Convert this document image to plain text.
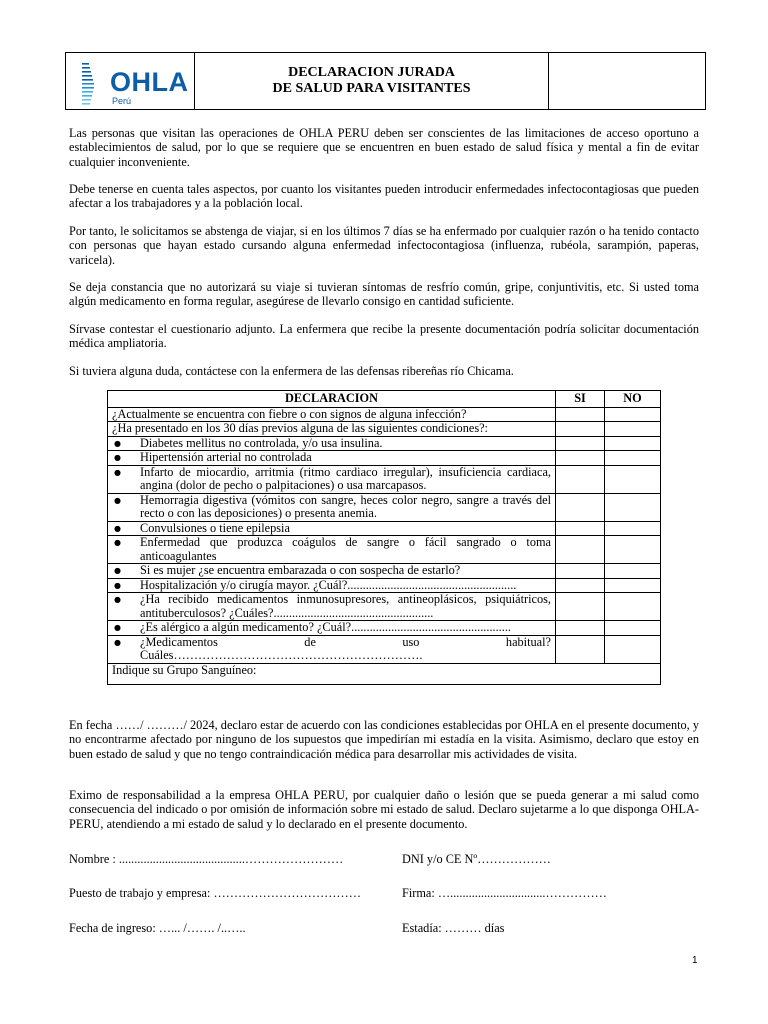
OHLA
Perú
DECLARACION JURADA
DE SALUD PARA VISITANTES

Las personas que visitan las operaciones de OHLA PERU deben ser conscientes de las limitaciones de acceso oportuno a establecimientos de salud, por lo que se requiere que se encuentren en buen estado de salud física y mental a fin de evitar cualquier inconveniente.

Debe tenerse en cuenta tales aspectos, por cuanto los visitantes pueden introducir enfermedades infectocontagiosas que pueden afectar a los trabajadores y a la población local.

Por tanto, le solicitamos se abstenga de viajar, si en los últimos 7 días se ha enfermado por cualquier razón o ha tenido contacto con personas que hayan estado cursando alguna enfermedad infectocontagiosa (influenza, rubéola, sarampión, paperas, varicela).

Se deja constancia que no autorizará su viaje si tuvieran síntomas de resfrío común, gripe, conjuntivitis, etc. Si usted toma algún medicamento en forma regular, asegúrese de llevarlo consigo en cantidad suficiente.

Sírvase contestar el cuestionario adjunto. La enfermera que recibe la presente documentación podría solicitar documentación médica ampliatoria.

Si tuviera alguna duda, contáctese con la enfermera de las defensas ribereñas río Chicama.

DECLARACION	SI	NO
¿Actualmente se encuentra con fiebre o con signos de alguna infección?		
¿Ha presentado en los 30 días previos alguna de las siguientes condiciones?:		

● Diabetes mellitus no controlada, y/o usa insulina.		

● Hipertensión arterial no controlada		

● Infarto de miocardio, arritmia (ritmo cardiaco irregular), insuficiencia cardiaca, angina (dolor de pecho o palpitaciones) o usa marcapasos.		

● Hemorragia digestiva (vómitos con sangre, heces color negro, sangre a través del recto o con las deposiciones) o presenta anemia.		

● Convulsiones o tiene epilepsia		

● Enfermedad que produzca coágulos de sangre o fácil sangrado o toma anticoagulantes		

● Si es mujer ¿se encuentra embarazada o con sospecha de estarlo?		

● Hospitalización y/o cirugía mayor. ¿Cuál?.......................................................		

● ¿Ha recibido medicamentos inmunosupresores, antineoplásicos, psiquiátricos, antituberculosos? ¿Cuáles?....................................................		

● ¿Es alérgico a algún medicamento? ¿Cuál?....................................................		

● ¿Medicamentos de uso habitual? Cuáles…………………………………………………….		

Indique su Grupo Sanguíneo:		

En fecha ……/ ………/ 2024, declaro estar de acuerdo con las condiciones establecidas por OHLA en el presente documento, y no encontrarme afectado por ninguno de los supuestos que impedirían mi estadía en la visita. Asimismo, declaro que estoy en buen estado de salud y que no tengo contraindicación médica para desarrollar mis actividades de visita.

Eximo de responsabilidad a la empresa OHLA PERU, por cualquier daño o lesión que se pueda generar a mi salud como consecuencia del indicado o por omisión de información sobre mi estado de salud. Declaro sujetarme a lo que disponga OHLA-PERU, atendiendo a mi estado de salud y lo declarado en el presente documento.

Nombre : .........................................……………………	DNI y/o CE Nº………………
Puesto de trabajo y empresa: ………………………………	Firma: …...............................……………
Fecha de ingreso: …... /……. /..…..	Estadía: ……… días
1
